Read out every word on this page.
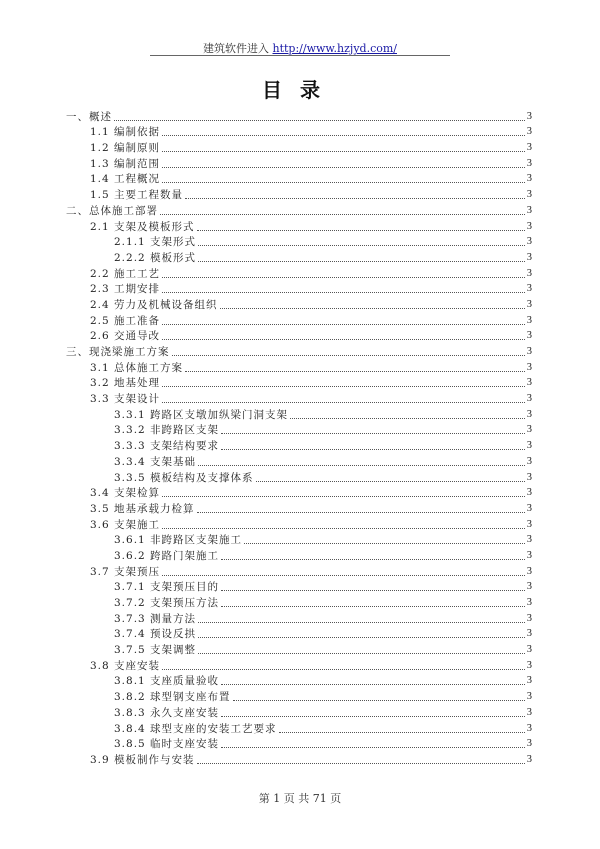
建筑软件进入 http://www.hzjyd.com/
目录
一、概述	3
1.1 编制依据	3
1.2 编制原则	3
1.3 编制范围	3
1.4 工程概况	3
1.5 主要工程数量	3
二、总体施工部署	3
2.1 支架及模板形式	3
2.1.1 支架形式	3
2.2.2 模板形式	3
2.2 施工工艺	3
2.3 工期安排	3
2.4 劳力及机械设备组织	3
2.5 施工准备	3
2.6 交通导改	3
三、现浇梁施工方案	3
3.1 总体施工方案	3
3.2 地基处理	3
3.3 支架设计	3
3.3.1 跨路区支墩加纵梁门洞支架	3
3.3.2 非跨路区支架	3
3.3.3 支架结构要求	3
3.3.4 支架基础	3
3.3.5 模板结构及支撑体系	3
3.4 支架检算	3
3.5 地基承载力检算	3
3.6 支架施工	3
3.6.1 非跨路区支架施工	3
3.6.2 跨路门架施工	3
3.7 支架预压	3
3.7.1 支架预压目的	3
3.7.2 支架预压方法	3
3.7.3 测量方法	3
3.7.4 预设反拱	3
3.7.5 支架调整	3
3.8 支座安装	3
3.8.1 支座质量验收	3
3.8.2 球型钢支座布置	3
3.8.3 永久支座安装	3
3.8.4 球型支座的安装工艺要求	3
3.8.5 临时支座安装	3
3.9 模板制作与安装	3
第 1 页 共 71 页
